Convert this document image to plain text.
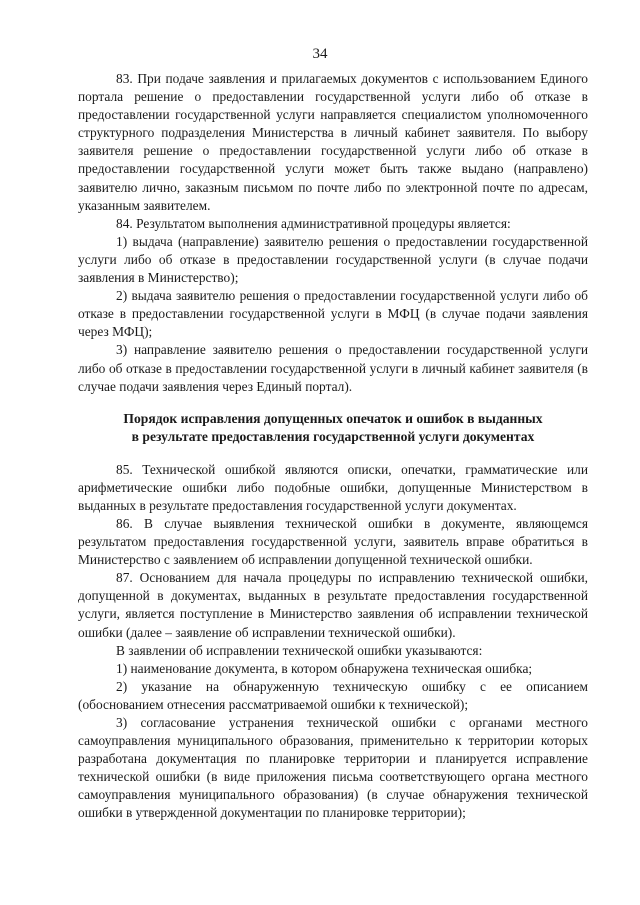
34

83. При подаче заявления и прилагаемых документов с использованием Единого портала решение о предоставлении государственной услуги либо об отказе в предоставлении государственной услуги направляется специалистом уполномоченного структурного подразделения Министерства в личный кабинет заявителя. По выбору заявителя решение о предоставлении государственной услуги либо об отказе в предоставлении государственной услуги может быть также выдано (направлено) заявителю лично, заказным письмом по почте либо по электронной почте по адресам, указанным заявителем.

84. Результатом выполнения административной процедуры является:

1) выдача (направление) заявителю решения о предоставлении государственной услуги либо об отказе в предоставлении государственной услуги (в случае подачи заявления в Министерство);

2) выдача заявителю решения о предоставлении государственной услуги либо об отказе в предоставлении государственной услуги в МФЦ (в случае подачи заявления через МФЦ);

3) направление заявителю решения о предоставлении государственной услуги либо об отказе в предоставлении государственной услуги в личный кабинет заявителя (в случае подачи заявления через Единый портал).

Порядок исправления допущенных опечаток и ошибок в выданных
в результате предоставления государственной услуги документах

85. Технической ошибкой являются описки, опечатки, грамматические или арифметические ошибки либо подобные ошибки, допущенные Министерством в выданных в результате предоставления государственной услуги документах.

86. В случае выявления технической ошибки в документе, являющемся результатом предоставления государственной услуги, заявитель вправе обратиться в Министерство с заявлением об исправлении допущенной технической ошибки.

87. Основанием для начала процедуры по исправлению технической ошибки, допущенной в документах, выданных в результате предоставления государственной услуги, является поступление в Министерство заявления об исправлении технической ошибки (далее – заявление об исправлении технической ошибки).

В заявлении об исправлении технической ошибки указываются:

1) наименование документа, в котором обнаружена техническая ошибка;

2) указание на обнаруженную техническую ошибку с ее описанием (обоснованием отнесения рассматриваемой ошибки к технической);

3) согласование устранения технической ошибки с органами местного самоуправления муниципального образования, применительно к территории которых разработана документация по планировке территории и планируется исправление технической ошибки (в виде приложения письма соответствующего органа местного самоуправления муниципального образования) (в случае обнаружения технической ошибки в утвержденной документации по планировке территории);
